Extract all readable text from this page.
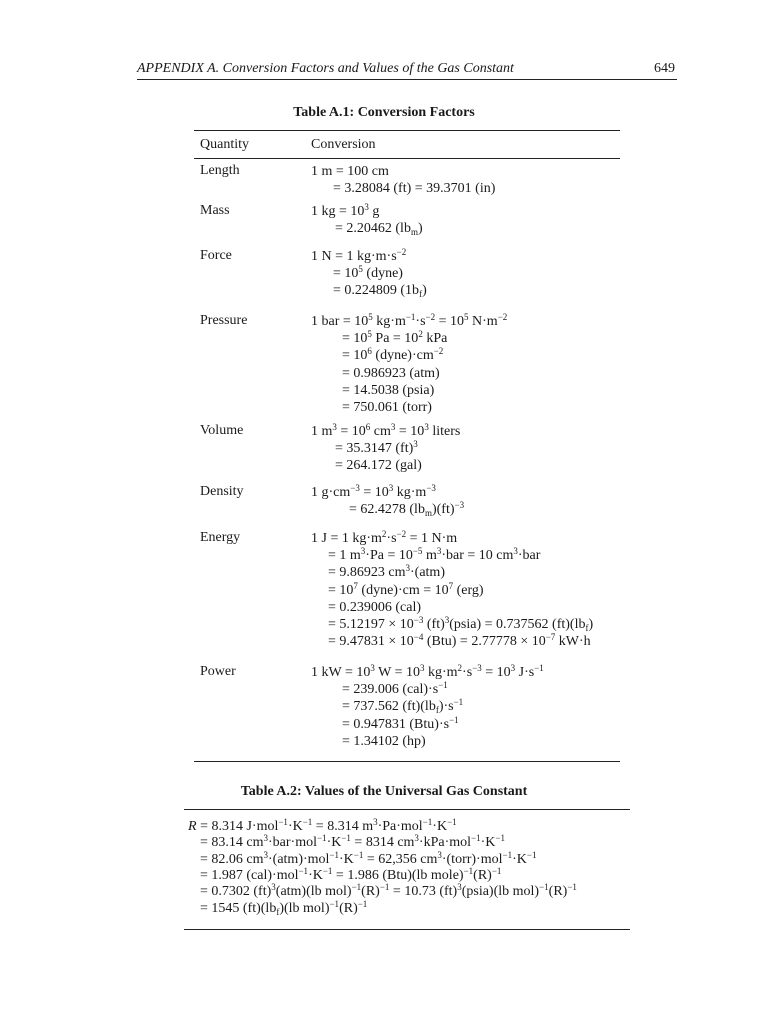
APPENDIX A. Conversion Factors and Values of the Gas Constant	649
Table A.1: Conversion Factors
Quantity	Conversion
Length	1 m = 100 cm
= 3.28084 (ft) = 39.3701 (in)
Mass	1 kg = $10^3$ g
= 2.20462 $(lb_m)$
Force	1 N = 1 $kg\cdot m\cdot s^{-2}$
= $10^5$ (dyne)
= 0.224809 $(1b_f)$
Pressure	1 bar = $10^5$ $kg\cdot m^{-1}\cdot s^{-2} = 10^5$ $N\cdot m^{-2}$
= $10^5$ $Pa = 10^2$ kPa
= $10^6$ $(dyne)\cdot cm^{-2}$
= 0.986923 (atm)
= 14.5038 (psia)
= 750.061 (torr)
Volume	1 $m^3 = 10^6$ $cm^3 = 10^3$ liters
= 35.3147 (ft)$^3$
= 264.172 (gal)
Density	1 $g\cdot cm^{-3} = 10^3$ $kg\cdot m^{-3}$
= 62.4278 $(lb_m)(ft)^{-3}$
Energy	1 J = 1 $kg\cdot m^2\cdot s^{-2} = 1$ N·m
= 1 $m^3\cdot Pa = 10^{-5}$ $m^3\cdot bar = 10$ $cm^3\cdot bar$
= 9.86923 $cm^3\cdot(atm)$
= $10^7$ (dyne)·cm = $10^7$ (erg)
= 0.239006 (cal)
= $5.12197 \times 10^{-3}$ (ft)$^3$(psia) = 0.737562 $(ft)(lb_f)$
= $9.47831 \times 10^{-4}$ $(Btu) = 2.77778 \times 10^{-7}$ kW·h
Power	1 kW = $10^3$ $W = 10^3$ $kg\cdot m^2\cdot s^{-3} = 10^3$ $J\cdot s^{-1}$
= 239.006 $(cal)\cdot s^{-1}$
= 737.562 $(ft)(lb_f)\cdot s^{-1}$
= 0.947831 $(Btu)\cdot s^{-1}$
= 1.34102 (hp)
Table A.2: Values of the Universal Gas Constant
R = 8.314 $J\cdot mol^{-1}\cdot K^{-1} = 8.314$ $m^3\cdot Pa\cdot mol^{-1}\cdot K^{-1}$
= 83.14 $cm^3\cdot bar\cdot mol^{-1}\cdot K^{-1} = 8314$ $cm^3\cdot kPa\cdot mol^{-1}\cdot K^{-1}$
= 82.06 $cm^3\cdot(atm)\cdot mol^{-1}\cdot K^{-1} = 62,356$ $cm^3\cdot(torr)\cdot mol^{-1}\cdot K^{-1}$
= 1.987 $(cal)\cdot mol^{-1}\cdot K^{-1} = 1.986$ (Btu)(lb $mole)^{-1}(R)^{-1}$
= 0.7302 (ft)$^3$(atm)(lb $mol)^{-1}(R)^{-1} = 10.73$ (ft)$^3$(psia)(lb $mol)^{-1}(R)^{-1}$
= 1545 $(ft)(lb_f)(lb$ $mol)^{-1}(R)^{-1}$
